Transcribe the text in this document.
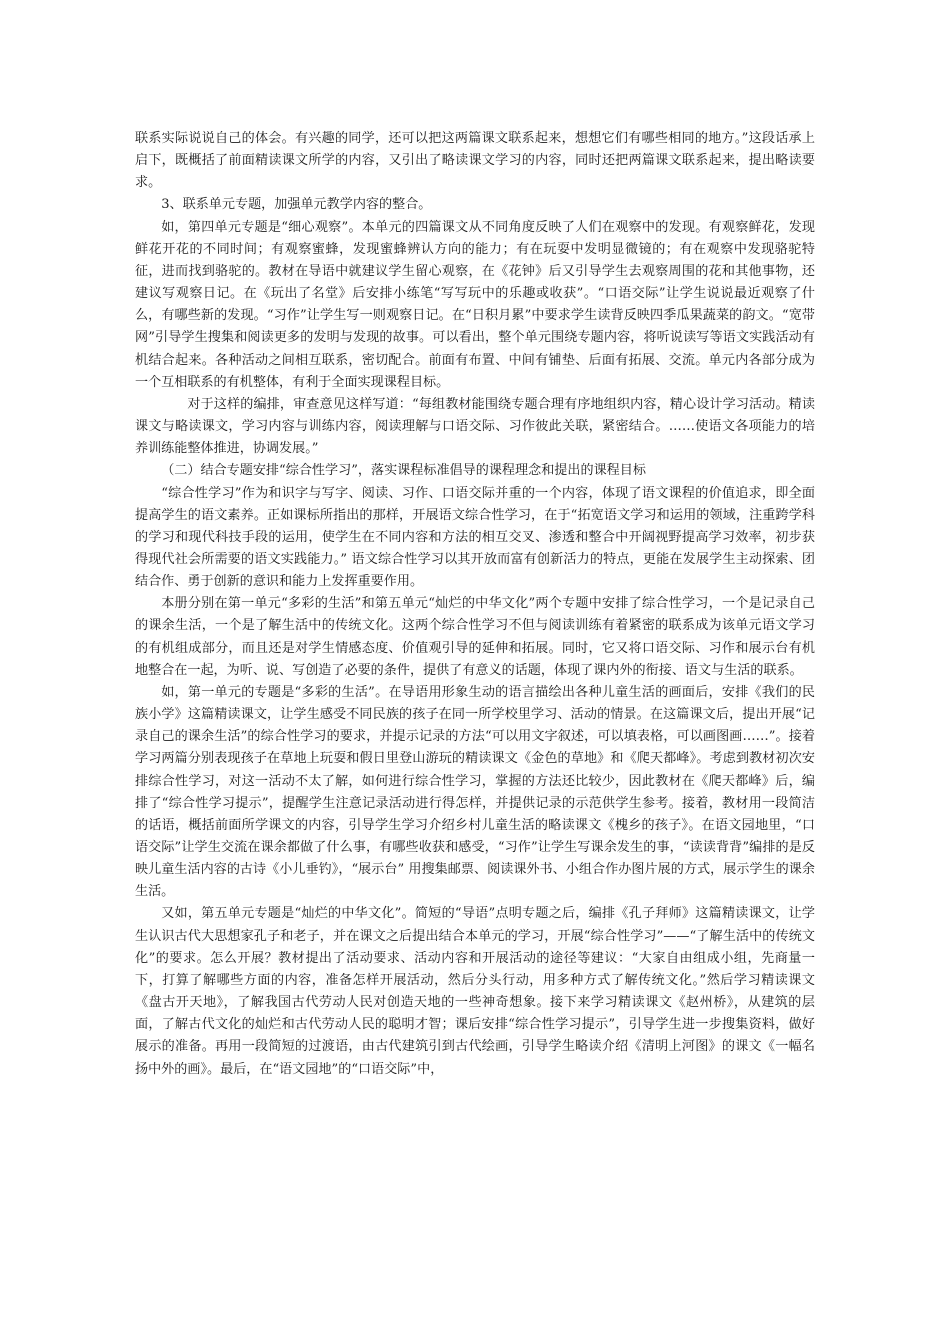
联系实际说说自己的体会。有兴趣的同学，还可以把这两篇课文联系起来，想想它们有哪些相同的地方。”这段话承上启下，既概括了前面精读课文所学的内容，又引出了略读课文学习的内容，同时还把两篇课文联系起来，提出略读要求。

3、联系单元专题，加强单元教学内容的整合。

如，第四单元专题是“细心观察”。本单元的四篇课文从不同角度反映了人们在观察中的发现。有观察鲜花，发现鲜花开花的不同时间；有观察蜜蜂，发现蜜蜂辨认方向的能力；有在玩耍中发明显微镜的；有在观察中发现骆驼特征，进而找到骆驼的。教材在导语中就建议学生留心观察，在《花钟》后又引导学生去观察周围的花和其他事物，还建议写观察日记。在《玩出了名堂》后安排小练笔“写写玩中的乐趣或收获”。“口语交际”让学生说说最近观察了什么，有哪些新的发现。“习作”让学生写一则观察日记。在“日积月累”中要求学生读背反映四季瓜果蔬菜的韵文。“宽带网”引导学生搜集和阅读更多的发明与发现的故事。可以看出，整个单元围绕专题内容，将听说读写等语文实践活动有机结合起来。各种活动之间相互联系，密切配合。前面有布置、中间有铺垫、后面有拓展、交流。单元内各部分成为一个互相联系的有机整体，有利于全面实现课程目标。

对于这样的编排，审查意见这样写道：“每组教材能围绕专题合理有序地组织内容，精心设计学习活动。精读课文与略读课文，学习内容与训练内容，阅读理解与口语交际、习作彼此关联，紧密结合。……使语文各项能力的培养训练能整体推进，协调发展。”

（二）结合专题安排“综合性学习”，落实课程标准倡导的课程理念和提出的课程目标

“综合性学习”作为和识字与写字、阅读、习作、口语交际并重的一个内容，体现了语文课程的价值追求，即全面提高学生的语文素养。正如课标所指出的那样，开展语文综合性学习，在于“拓宽语文学习和运用的领域，注重跨学科的学习和现代科技手段的运用，使学生在不同内容和方法的相互交叉、渗透和整合中开阔视野提高学习效率，初步获得现代社会所需要的语文实践能力。” 语文综合性学习以其开放而富有创新活力的特点，更能在发展学生主动探索、团结合作、勇于创新的意识和能力上发挥重要作用。

本册分别在第一单元“多彩的生活”和第五单元“灿烂的中华文化”两个专题中安排了综合性学习，一个是记录自己的课余生活，一个是了解生活中的传统文化。这两个综合性学习不但与阅读训练有着紧密的联系成为该单元语文学习的有机组成部分，而且还是对学生情感态度、价值观引导的延伸和拓展。同时，它又将口语交际、习作和展示台有机地整合在一起，为听、说、写创造了必要的条件，提供了有意义的话题，体现了课内外的衔接、语文与生活的联系。

如，第一单元的专题是“多彩的生活”。在导语用形象生动的语言描绘出各种儿童生活的画面后，安排《我们的民族小学》这篇精读课文，让学生感受不同民族的孩子在同一所学校里学习、活动的情景。在这篇课文后，提出开展“记录自己的课余生活”的综合性学习的要求，并提示记录的方法“可以用文字叙述，可以填表格，可以画图画……”。接着学习两篇分别表现孩子在草地上玩耍和假日里登山游玩的精读课文《金色的草地》和《爬天都峰》。考虑到教材初次安排综合性学习，对这一活动不太了解，如何进行综合性学习，掌握的方法还比较少，因此教材在《爬天都峰》后，编排了“综合性学习提示”，提醒学生注意记录活动进行得怎样，并提供记录的示范供学生参考。接着，教材用一段简洁的话语，概括前面所学课文的内容，引导学生学习介绍乡村儿童生活的略读课文《槐乡的孩子》。在语文园地里，“口语交际”让学生交流在课余都做了什么事，有哪些收获和感受，“习作”让学生写课余发生的事，“读读背背”编排的是反映儿童生活内容的古诗《小儿垂钓》，“展示台” 用搜集邮票、阅读课外书、小组合作办图片展的方式，展示学生的课余生活。

又如，第五单元专题是“灿烂的中华文化”。简短的“导语”点明专题之后，编排《孔子拜师》这篇精读课文，让学生认识古代大思想家孔子和老子，并在课文之后提出结合本单元的学习，开展“综合性学习”——“了解生活中的传统文化”的要求。怎么开展？教材提出了活动要求、活动内容和开展活动的途径等建议：“大家自由组成小组，先商量一下，打算了解哪些方面的内容，准备怎样开展活动，然后分头行动，用多种方式了解传统文化。”然后学习精读课文《盘古开天地》，了解我国古代劳动人民对创造天地的一些神奇想象。接下来学习精读课文《赵州桥》，从建筑的层面，了解古代文化的灿烂和古代劳动人民的聪明才智；课后安排“综合性学习提示”，引导学生进一步搜集资料，做好展示的准备。再用一段简短的过渡语，由古代建筑引到古代绘画，引导学生略读介绍《清明上河图》的课文《一幅名扬中外的画》。最后，在“语文园地”的“口语交际”中，
